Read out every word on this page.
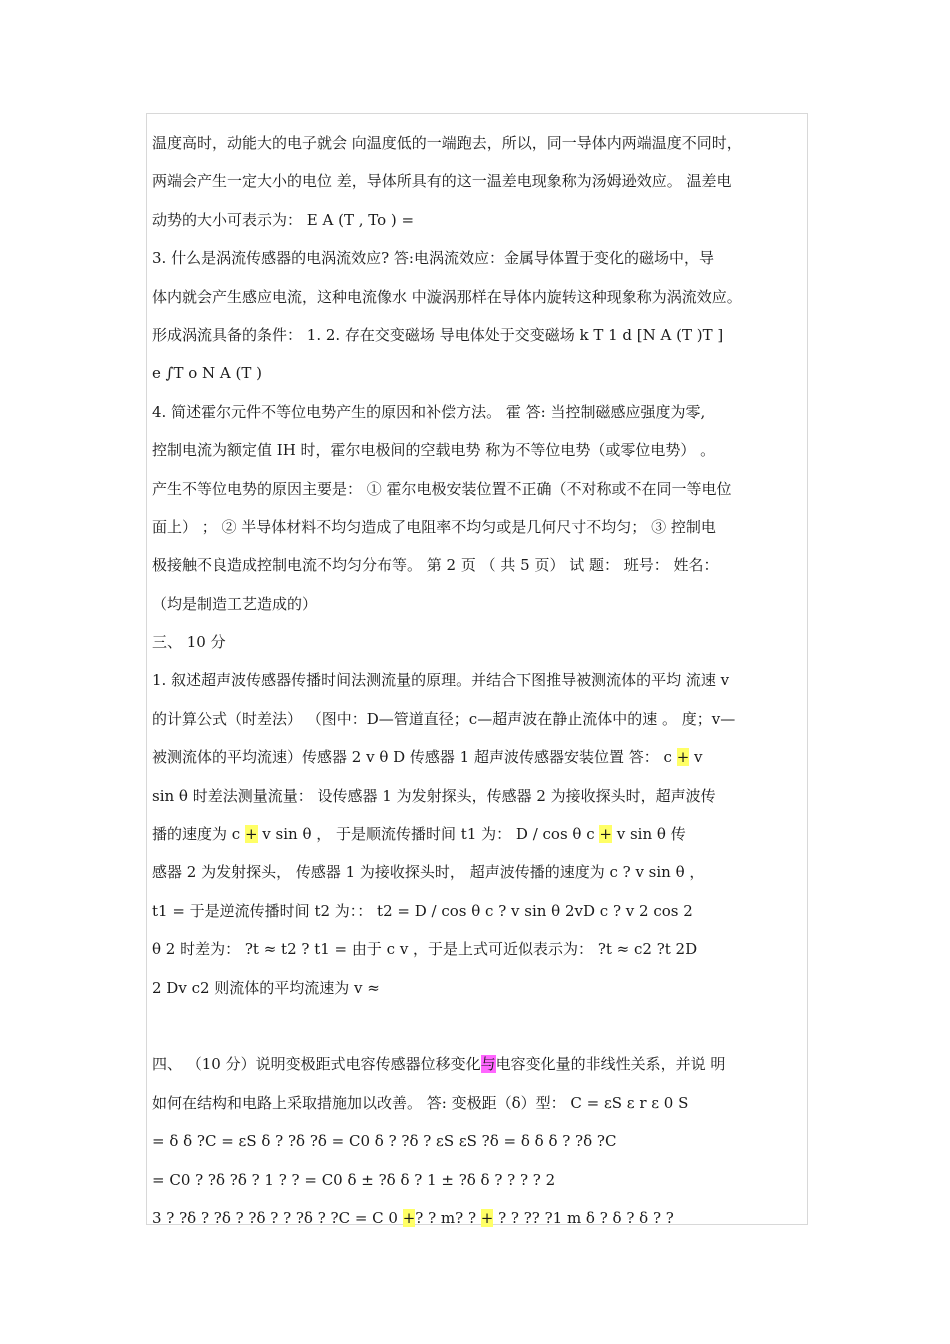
温度高时，动能大的电子就会 向温度低的一端跑去，所以，同一导体内两端温度不同时，
两端会产生一定大小的电位 差，导体所具有的这一温差电现象称为汤姆逊效应。 温差电
动势的大小可表示为： E A (T , To ) =
3. 什么是涡流传感器的电涡流效应? 答:电涡流效应：金属导体置于变化的磁场中，导
体内就会产生感应电流，这种电流像水 中漩涡那样在导体内旋转这种现象称为涡流效应。
形成涡流具备的条件： 1. 2. 存在交变磁场 导电体处于交变磁场 k T 1 d [N A (T )T ]
e ∫T o N A (T )
4. 简述霍尔元件不等位电势产生的原因和补偿方法。 霍 答: 当控制磁感应强度为零,
控制电流为额定值 IH 时，霍尔电极间的空载电势 称为不等位电势（或零位电势） 。
产生不等位电势的原因主要是： ① 霍尔电极安装位置不正确（不对称或不在同一等电位
面上） ； ② 半导体材料不均匀造成了电阻率不均匀或是几何尺寸不均匀； ③ 控制电
极接触不良造成控制电流不均匀分布等。 第 2 页 （ 共 5 页） 试 题： 班号： 姓名：
（均是制造工艺造成的）
三、 10 分
1. 叙述超声波传感器传播时间法测流量的原理。并结合下图推导被测流体的平均 流速 v
的计算公式（时差法） （图中：D—管道直径；c—超声波在静止流体中的速 。 度；v—
被测流体的平均流速）传感器 2 v θ D 传感器 1 超声波传感器安装位置 答： c + v
sin θ 时差法测量流量： 设传感器 1 为发射探头，传感器 2 为接收探头时，超声波传
播的速度为 c + v sin θ ， 于是顺流传播时间 t1 为： D / cos θ c + v sin θ 传
感器 2 为发射探头， 传感器 1 为接收探头时， 超声波传播的速度为 c ? v sin θ ，
t1 = 于是逆流传播时间 t2 为：： t2 = D / cos θ c ? v sin θ 2vD c ? v 2 cos 2
θ 2 时差为： ?t ≈ t2 ? t1 = 由于 c v ，于是上式可近似表示为： ?t ≈ c2 ?t 2D
2 Dv c2 则流体的平均流速为 v ≈
四、 （10 分）说明变极距式电容传感器位移变化与电容变化量的非线性关系，并说 明
如何在结构和电路上采取措施加以改善。 答: 变极距（δ）型： C = εS ε r ε 0 S
= δ δ ?C = εS δ ? ?δ ?δ = C0 δ ? ?δ ? εS εS ?δ = δ δ δ ? ?δ ?C
= C0 ? ?δ ?δ ? 1 ? ? = C0 δ ± ?δ δ ? 1 ± ?δ δ ? ? ? ? 2
3 ? ?δ ? ?δ ? ?δ ? ? ?δ ? ?C = C 0 +? ? m? ? + ? ? ?? ?1 m δ ? δ ? δ ? ?
